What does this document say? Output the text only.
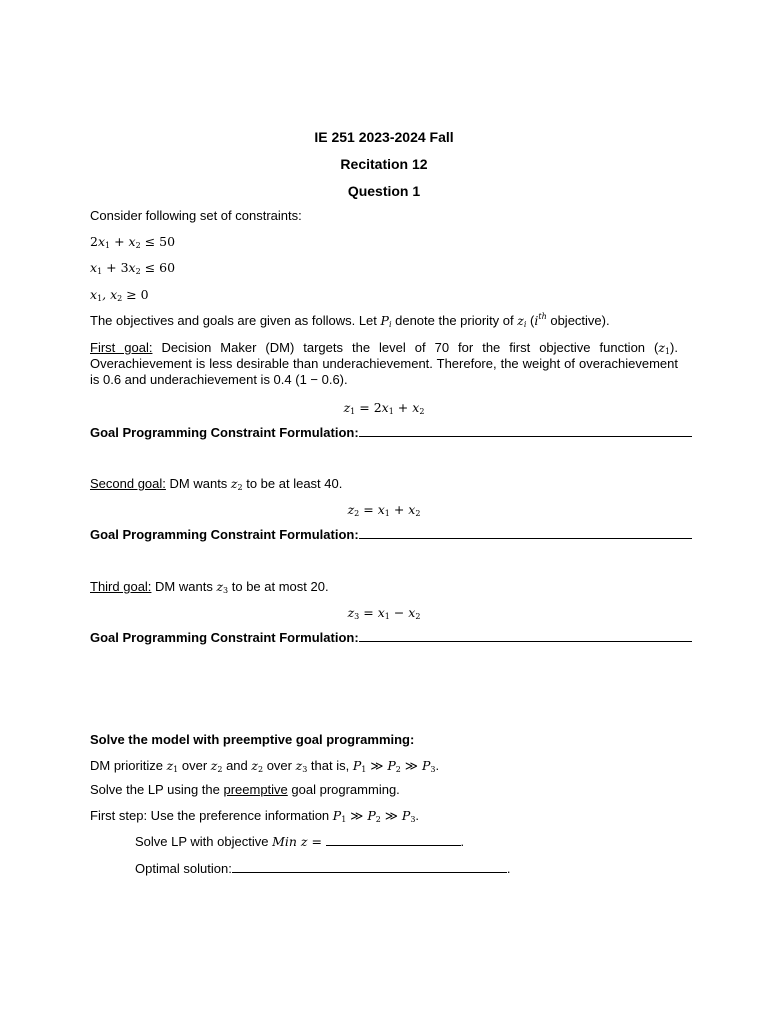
IE 251 2023-2024 Fall
Recitation 12
Question 1
Consider following set of constraints:
$2x_1 + x_2 \le 50$
$x_1 + 3x_2 \le 60$
$x_1$, $x_2 \ge 0$
The objectives and goals are given as follows. Let $P_i$ denote the priority of $z_i$ ($i^{th}$ objective).
First goal: Decision Maker (DM) targets the level of 70 for the first objective function $(z_1)$. Overachievement is less desirable than underachievement. Therefore, the weight of overachievement is 0.6 and underachievement is 0.4 (1 − 0.6).
$z_1 = 2x_1 + x_2$
Goal Programming Constraint Formulation:
Second goal: DM wants $z_2$ to be at least 40.
$z_2 = x_1 + x_2$
Goal Programming Constraint Formulation:
Third goal: DM wants $z_3$ to be at most 20.
$z_3 = x_1 - x_2$
Goal Programming Constraint Formulation:
Solve the model with preemptive goal programming:
DM prioritize $z_1$ over $z_2$ and $z_2$ over $z_3$ that is, $P_1$ ≫ $P_2$ ≫ $P_3$.
Solve the LP using the preemptive goal programming.
First step: Use the preference information $P_1$ ≫ $P_2$ ≫ $P_3$.
Solve LP with objective Min z =	.
Optimal solution:	.
